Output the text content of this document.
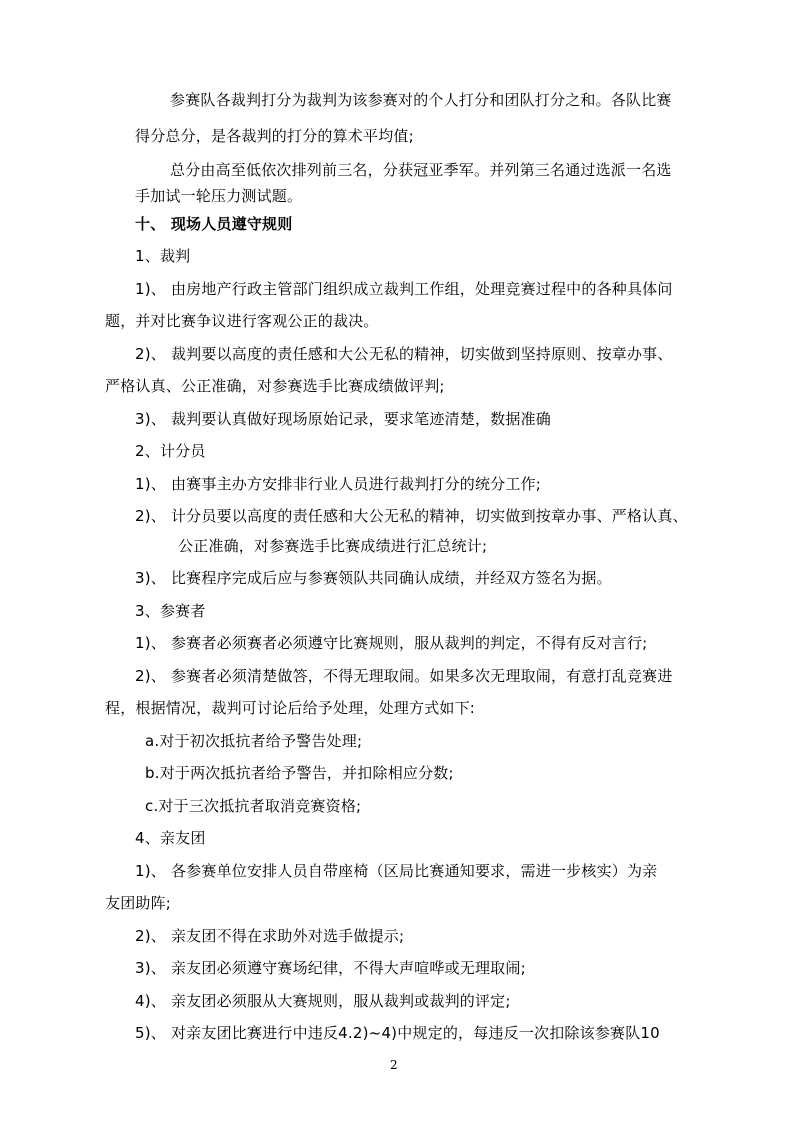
参赛队各裁判打分为裁判为该参赛对的个人打分和团队打分之和。各队比赛
得分总分，是各裁判的打分的算术平均值;
总分由高至低依次排列前三名，分获冠亚季军。并列第三名通过选派一名选
手加试一轮压力测试题。
十、 现场人员遵守规则
1、裁判
1)、 由房地产行政主管部门组织成立裁判工作组，处理竞赛过程中的各种具体问
题，并对比赛争议进行客观公正的裁决。
2)、 裁判要以高度的责任感和大公无私的精神，切实做到坚持原则、按章办事、
严格认真、公正准确，对参赛选手比赛成绩做评判;
3)、 裁判要认真做好现场原始记录，要求笔迹清楚，数据准确
2、计分员
1)、 由赛事主办方安排非行业人员进行裁判打分的统分工作;
2)、 计分员要以高度的责任感和大公无私的精神，切实做到按章办事、严格认真、
公正准确，对参赛选手比赛成绩进行汇总统计;
3)、 比赛程序完成后应与参赛领队共同确认成绩，并经双方签名为据。
3、参赛者
1)、 参赛者必须赛者必须遵守比赛规则，服从裁判的判定，不得有反对言行;
2)、 参赛者必须清楚做答，不得无理取闹。如果多次无理取闹，有意打乱竞赛进
程，根据情况，裁判可讨论后给予处理，处理方式如下:
a.对于初次抵抗者给予警告处理;
b.对于两次抵抗者给予警告，并扣除相应分数;
c.对于三次抵抗者取消竞赛资格;
4、亲友团
1)、 各参赛单位安排人员自带座椅（区局比赛通知要求，需进一步核实）为亲
友团助阵;
2)、 亲友团不得在求助外对选手做提示;
3)、 亲友团必须遵守赛场纪律，不得大声喧哗或无理取闹;
4)、 亲友团必须服从大赛规则，服从裁判或裁判的评定;
5)、 对亲友团比赛进行中违反4.2)~4)中规定的，每违反一次扣除该参赛队10
2
